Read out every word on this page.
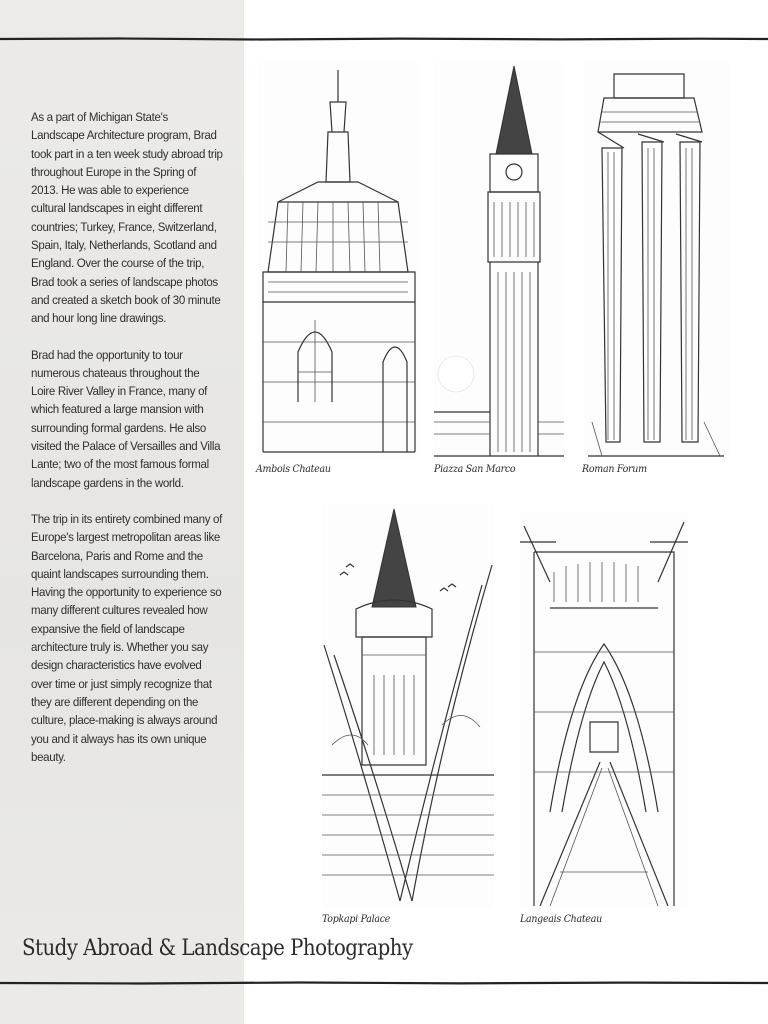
As a part of Michigan State's Landscape Architecture program, Brad took part in a ten week study abroad trip throughout Europe in the Spring of 2013. He was able to experience cultural landscapes in eight different countries; Turkey, France, Switzerland, Spain, Italy, Netherlands, Scotland and England. Over the course of the trip, Brad took a series of landscape photos and created a sketch book of 30 minute and hour long line drawings.

Brad had the opportunity to tour numerous chateaus throughout the Loire River Valley in France, many of which featured a large mansion with surrounding formal gardens. He also visited the Palace of Versailles and Villa Lante; two of the most famous formal landscape gardens in the world.

The trip in its entirety combined many of Europe's largest metropolitan areas like Barcelona, Paris and Rome and the quaint landscapes surrounding them. Having the opportunity to experience so many different cultures revealed how expansive the field of landscape architecture truly is. Whether you say design characteristics have evolved over time or just simply recognize that they are different depending on the culture, place-making is always around you and it always has its own unique beauty.

Ambois Chateau	Piazza San Marco	Roman Forum
Topkapi Palace	Langeais Chateau
Study Abroad & Landscape Photography
